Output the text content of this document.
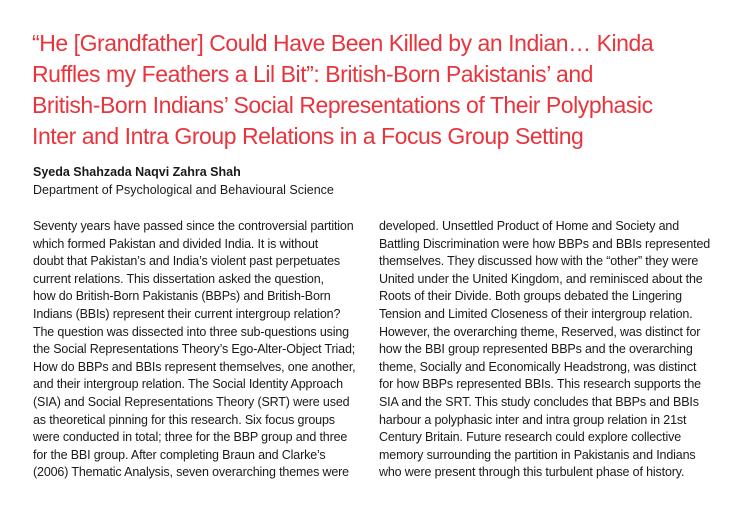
“He [Grandfather] Could Have Been Killed by an Indian… Kinda
Ruffles my Feathers a Lil Bit”: British-Born Pakistanis’ and
British-Born Indians’ Social Representations of Their Polyphasic
Inter and Intra Group Relations in a Focus Group Setting

Syeda Shahzada Naqvi Zahra Shah

Department of Psychological and Behavioural Science

Seventy years have passed since the controversial partition
which formed Pakistan and divided India. It is without
doubt that Pakistan’s and India’s violent past perpetuates
current relations. This dissertation asked the question,
how do British-Born Pakistanis (BBPs) and British-Born
Indians (BBIs) represent their current intergroup relation?
The question was dissected into three sub-questions using
the Social Representations Theory’s Ego-Alter-Object Triad;
How do BBPs and BBIs represent themselves, one another,
and their intergroup relation. The Social Identity Approach
(SIA) and Social Representations Theory (SRT) were used
as theoretical pinning for this research. Six focus groups
were conducted in total; three for the BBP group and three
for the BBI group. After completing Braun and Clarke’s
(2006) Thematic Analysis, seven overarching themes were
developed. Unsettled Product of Home and Society and
Battling Discrimination were how BBPs and BBIs represented
themselves. They discussed how with the “other” they were
United under the United Kingdom, and reminisced about the
Roots of their Divide. Both groups debated the Lingering
Tension and Limited Closeness of their intergroup relation.
However, the overarching theme, Reserved, was distinct for
how the BBI group represented BBPs and the overarching
theme, Socially and Economically Headstrong, was distinct
for how BBPs represented BBIs. This research supports the
SIA and the SRT. This study concludes that BBPs and BBIs
harbour a polyphasic inter and intra group relation in 21st
Century Britain. Future research could explore collective
memory surrounding the partition in Pakistanis and Indians
who were present through this turbulent phase of history.
